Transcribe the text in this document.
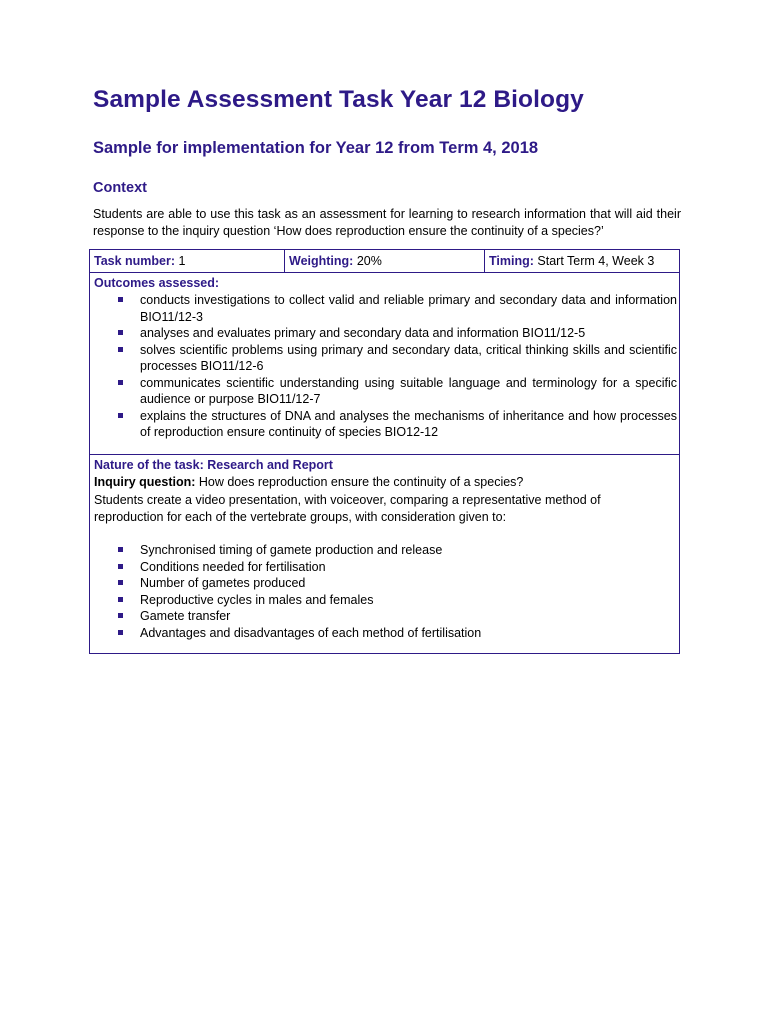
Sample Assessment Task Year 12 Biology
Sample for implementation for Year 12 from Term 4, 2018
Context
Students are able to use this task as an assessment for learning to research information that will aid their response to the inquiry question ‘How does reproduction ensure the continuity of a species?’
Task number: 1	Weighting: 20%	Timing: Start Term 4, Week 3
Outcomes assessed:
conducts investigations to collect valid and reliable primary and secondary data and information BIO11/12-3
analyses and evaluates primary and secondary data and information BIO11/12-5
solves scientific problems using primary and secondary data, critical thinking skills and scientific processes BIO11/12-6
communicates scientific understanding using suitable language and terminology for a specific audience or purpose BIO11/12-7
explains the structures of DNA and analyses the mechanisms of inheritance and how processes of reproduction ensure continuity of species BIO12-12
Nature of the task: Research and Report
Inquiry question: How does reproduction ensure the continuity of a species?
Students create a video presentation, with voiceover, comparing a representative method of reproduction for each of the vertebrate groups, with consideration given to:
Synchronised timing of gamete production and release
Conditions needed for fertilisation
Number of gametes produced
Reproductive cycles in males and females
Gamete transfer
Advantages and disadvantages of each method of fertilisation
